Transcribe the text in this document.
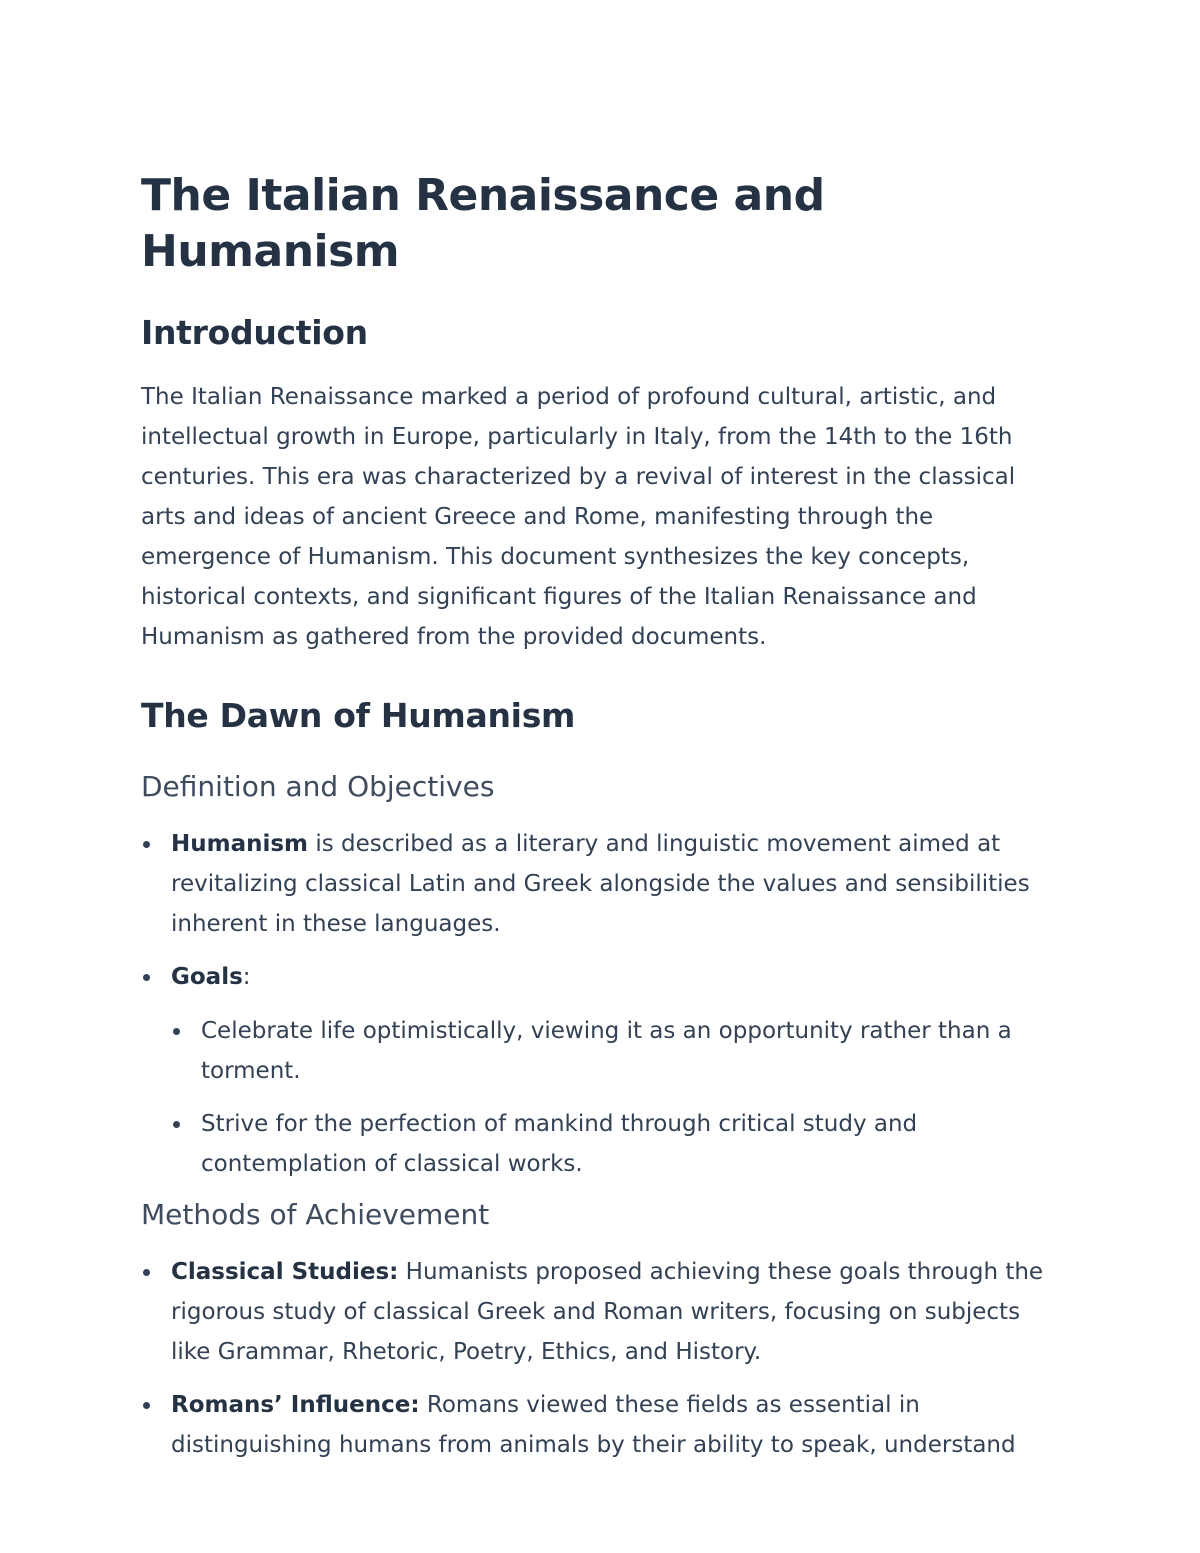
The Italian Renaissance and Humanism
Introduction

The Italian Renaissance marked a period of profound cultural, artistic, and intellectual growth in Europe, particularly in Italy, from the 14th to the 16th centuries. This era was characterized by a revival of interest in the classical arts and ideas of ancient Greece and Rome, manifesting through the emergence of Humanism. This document synthesizes the key concepts, historical contexts, and significant figures of the Italian Renaissance and Humanism as gathered from the provided documents.

The Dawn of Humanism
Definition and Objectives
Humanism is described as a literary and linguistic movement aimed at revitalizing classical Latin and Greek alongside the values and sensibilities inherent in these languages.
Goals:
Celebrate life optimistically, viewing it as an opportunity rather than a torment.
Strive for the perfection of mankind through critical study and contemplation of classical works.
Methods of Achievement
Classical Studies: Humanists proposed achieving these goals through the rigorous study of classical Greek and Roman writers, focusing on subjects like Grammar, Rhetoric, Poetry, Ethics, and History.
Romans’ Influence: Romans viewed these fields as essential in distinguishing humans from animals by their ability to speak, understand
